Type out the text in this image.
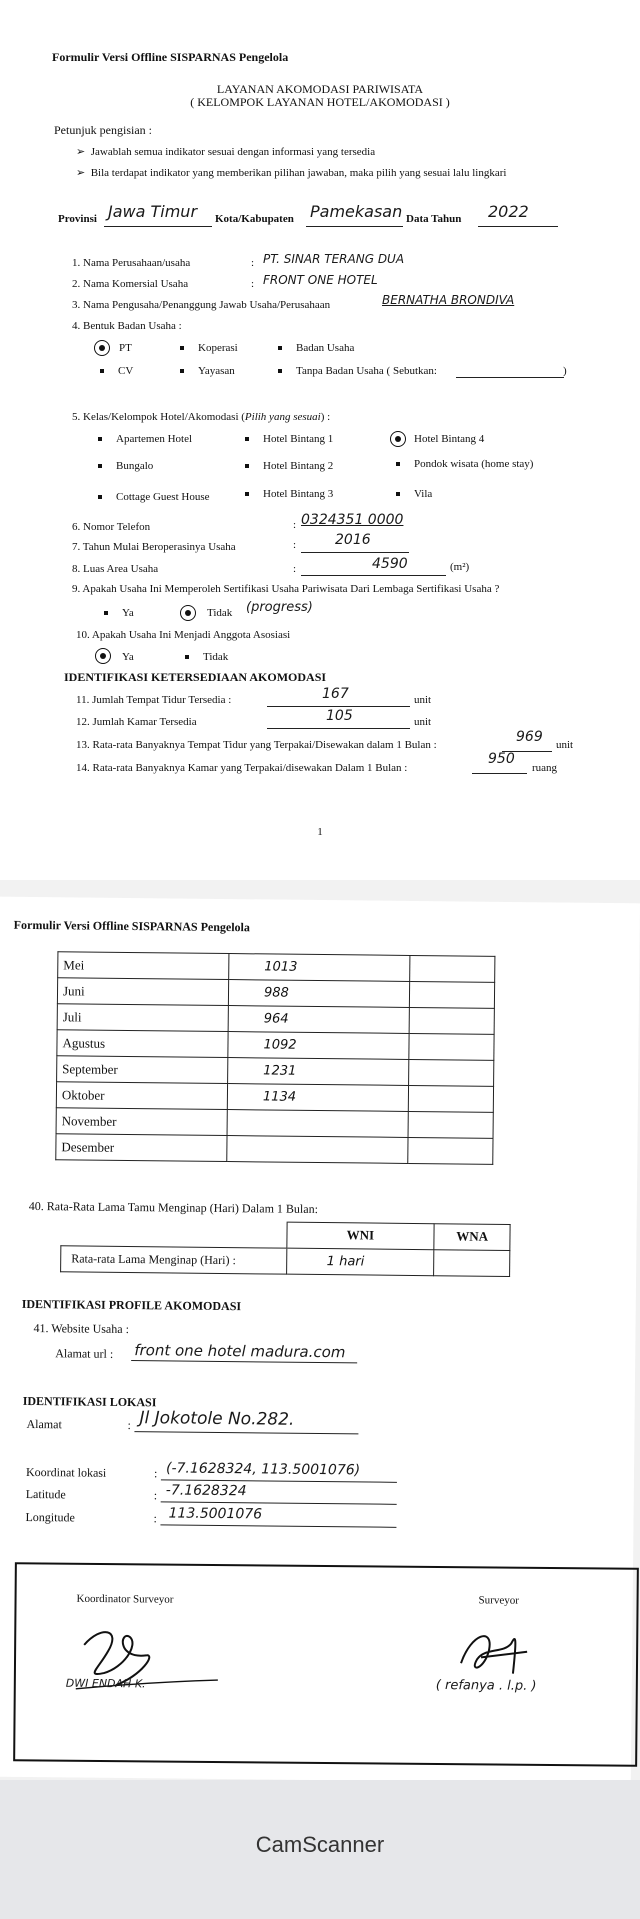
Formulir Versi Offline SISPARNAS Pengelola
LAYANAN AKOMODASI PARIWISATA
( KELOMPOK LAYANAN HOTEL/AKOMODASI )
Petunjuk pengisian :
➢  Jawablah semua indikator sesuai dengan informasi yang tersedia
➢  Bila terdapat indikator yang memberikan pilihan jawaban, maka pilih yang sesuai lalu lingkari
Provinsi Jawa Timur Kota/Kabupaten Pamekasan Data Tahun 2022
1. Nama Perusahaan/usaha	: PT. SINAR TERANG DUA
2. Nama Komersial Usaha	: FRONT ONE HOTEL
3. Nama Pengusaha/Penanggung Jawab Usaha/Perusahaan	BERNATHA BRONDIVA
4. Bentuk Badan Usaha :
PT	Koperasi	Badan Usaha
CV	Yayasan	Tanpa Badan Usaha ( Sebutkan:	)
5. Kelas/Kelompok Hotel/Akomodasi (Pilih yang sesuai) :
Apartemen Hotel	Hotel Bintang 1	Hotel Bintang 4
Bungalo	Hotel Bintang 2	Pondok wisata (home stay)
Cottage Guest House	Hotel Bintang 3	Vila
6. Nomor Telefon	: 0324351 0000
7. Tahun Mulai Beroperasinya Usaha	:	2016
8. Luas Area Usaha	:	4590	(m²)
9. Apakah Usaha Ini Memperoleh Sertifikasi Usaha Pariwisata Dari Lembaga Sertifikasi Usaha ?
Ya	Tidak (progress)
10. Apakah Usaha Ini Menjadi Anggota Asosiasi
Ya	Tidak
IDENTIFIKASI KETERSEDIAAN AKOMODASI
11. Jumlah Tempat Tidur Tersedia :	167	unit
12. Jumlah Kamar Tersedia	105	unit
13. Rata-rata Banyaknya Tempat Tidur yang Terpakai/Disewakan dalam 1 Bulan :	969 unit
14. Rata-rata Banyaknya Kamar yang Terpakai/disewakan Dalam 1 Bulan :
950
ruang
1
Formulir Versi Offline SISPARNAS Pengelola
Mei	1013	
Juni	988	
Juli	964	
Agustus	1092	
September	1231	
Oktober	1134	
November		
Desember		
40. Rata-Rata Lama Tamu Menginap (Hari) Dalam 1 Bulan:
	WNI	WNA
Rata-rata Lama Menginap (Hari) :	1 hari	
IDENTIFIKASI PROFILE AKOMODASI
41. Website Usaha :
Alamat url : front one hotel madura.com
IDENTIFIKASI LOKASI
Alamat	: Jl Jokotole No.282.
Koordinat lokasi	: (-7.1628324, 113.5001076)
Latitude	: -7.1628324
Longitude	: 113.5001076
Koordinator Surveyor	Surveyor
DWI ENDAH K.	( refanya . l.p. )
CamScanner
